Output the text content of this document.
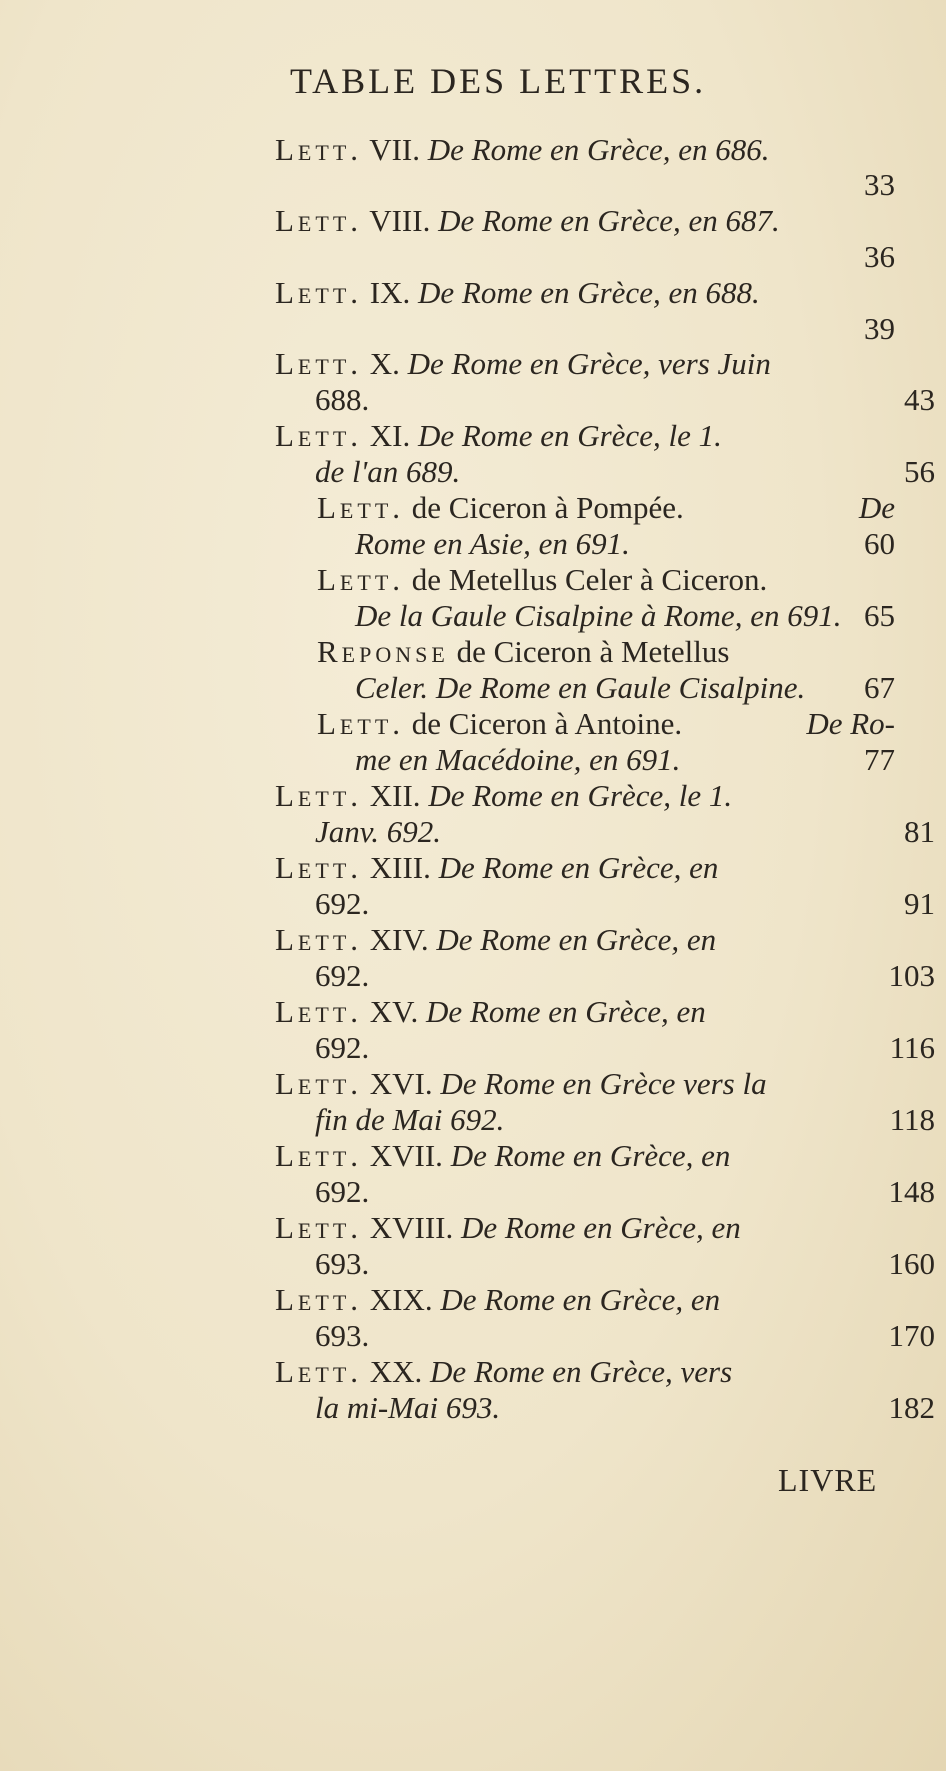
TABLE DES LETTRES.
Lett. VII. De Rome en Grèce, en 686.
33
Lett. VIII. De Rome en Grèce, en 687.
36
Lett. IX. De Rome en Grèce, en 688.
39
Lett. X. De Rome en Grèce, vers Juin
688.	43
Lett. XI. De Rome en Grèce, le 1.
de l'an 689.	56
Lett. de Ciceron à Pompée.	De
Rome en Asie, en 691.	60
Lett. de Metellus Celer à Ciceron.
De la Gaule Cisalpine à Rome, en 691. 65
Reponse de Ciceron à Metellus
Celer. De Rome en Gaule Cisalpine. 67
Lett. de Ciceron à Antoine.	De Ro-
me en Macédoine, en 691.	77
Lett. XII. De Rome en Grèce, le 1.
Janv. 692.	81
Lett. XIII. De Rome en Grèce, en
692.	91
Lett. XIV. De Rome en Grèce, en
692.	103
Lett. XV. De Rome en Grèce, en
692.	116
Lett. XVI. De Rome en Grèce vers la
fin de Mai 692.	118
Lett. XVII. De Rome en Grèce, en
692.	148
Lett. XVIII. De Rome en Grèce, en
693.	160
Lett. XIX. De Rome en Grèce, en
693.	170
Lett. XX. De Rome en Grèce, vers
la mi-Mai 693.	182
LIVRE
